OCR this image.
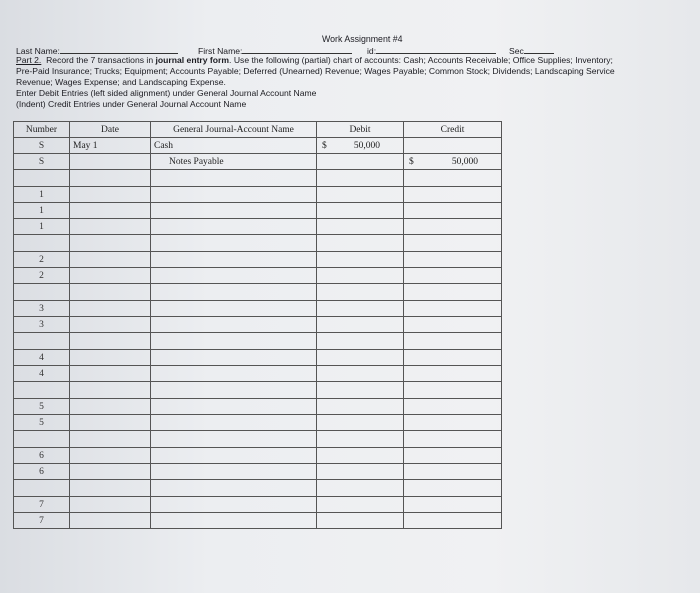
Work Assignment #4
Last Name:	First Name:	id:	Sec
Part 2.  Record the 7 transactions in journal entry form. Use the following (partial) chart of accounts: Cash; Accounts Receivable; Office Supplies; Inventory;
Pre-Paid Insurance; Trucks; Equipment; Accounts Payable; Deferred (Unearned) Revenue; Wages Payable; Common Stock; Dividends; Landscaping Service
Revenue; Wages Expense; and Landscaping Expense.
Enter Debit Entries (left sided alignment) under General Journal Account Name
(Indent) Credit Entries under General Journal Account Name
Number	Date	General Journal-Account Name	Debit	Credit
S	May 1	Cash	$ 50,000	

S		Notes Payable		$ 50,000

1			

1			

1			

2			

2			

3			

3			

4			

4			

5			

5			

6			

6			

7			

7			
